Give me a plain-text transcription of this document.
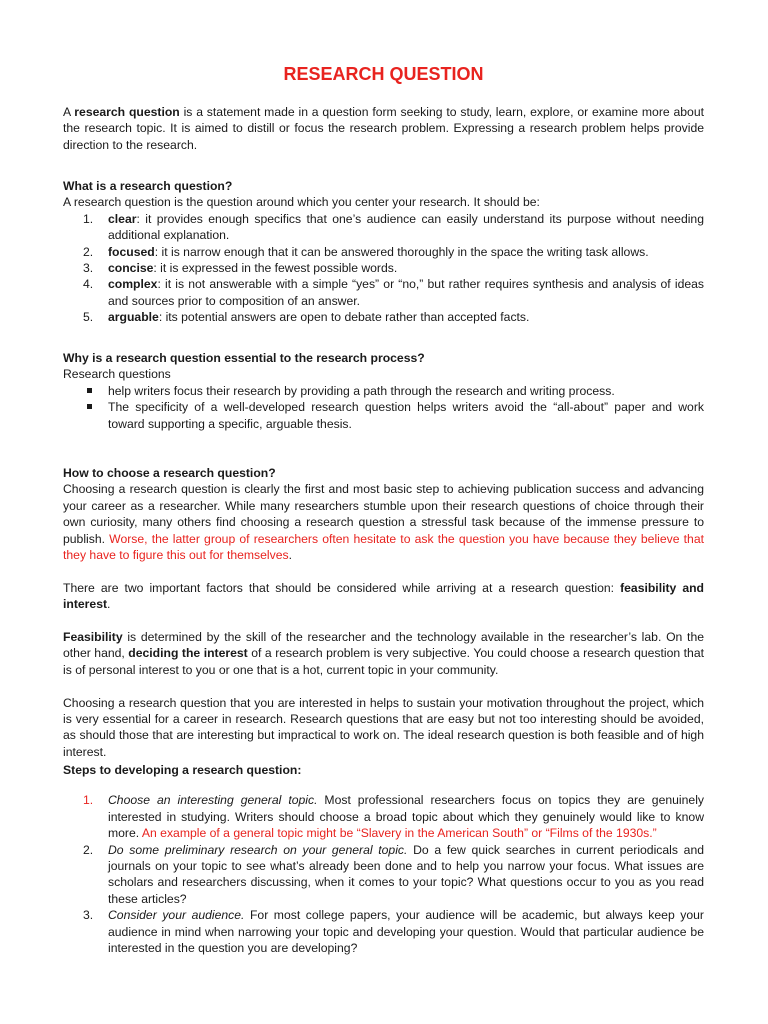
RESEARCH QUESTION
A research question is a statement made in a question form seeking to study, learn, explore, or examine more about the research topic. It is aimed to distill or focus the research problem. Expressing a research problem helps provide direction to the research.
What is a research question?
A research question is the question around which you center your research. It should be:
1. clear: it provides enough specifics that one’s audience can easily understand its purpose without needing additional explanation.
2. focused: it is narrow enough that it can be answered thoroughly in the space the writing task allows.
3. concise: it is expressed in the fewest possible words.
4. complex: it is not answerable with a simple “yes” or “no,” but rather requires synthesis and analysis of ideas and sources prior to composition of an answer.
5. arguable: its potential answers are open to debate rather than accepted facts.
Why is a research question essential to the research process?
Research questions
help writers focus their research by providing a path through the research and writing process.
The specificity of a well-developed research question helps writers avoid the “all-about” paper and work toward supporting a specific, arguable thesis.
How to choose a research question?
Choosing a research question is clearly the first and most basic step to achieving publication success and advancing your career as a researcher. While many researchers stumble upon their research questions of choice through their own curiosity, many others find choosing a research question a stressful task because of the immense pressure to publish. Worse, the latter group of researchers often hesitate to ask the question you have because they believe that they have to figure this out for themselves.
There are two important factors that should be considered while arriving at a research question: feasibility and interest.
Feasibility is determined by the skill of the researcher and the technology available in the researcher’s lab. On the other hand, deciding the interest of a research problem is very subjective. You could choose a research question that is of personal interest to you or one that is a hot, current topic in your community.
Choosing a research question that you are interested in helps to sustain your motivation throughout the project, which is very essential for a career in research. Research questions that are easy but not too interesting should be avoided, as should those that are interesting but impractical to work on. The ideal research question is both feasible and of high interest.
Steps to developing a research question:
1. Choose an interesting general topic. Most professional researchers focus on topics they are genuinely interested in studying. Writers should choose a broad topic about which they genuinely would like to know more. An example of a general topic might be “Slavery in the American South” or “Films of the 1930s.”
2. Do some preliminary research on your general topic. Do a few quick searches in current periodicals and journals on your topic to see what’s already been done and to help you narrow your focus. What issues are scholars and researchers discussing, when it comes to your topic? What questions occur to you as you read these articles?
3. Consider your audience. For most college papers, your audience will be academic, but always keep your audience in mind when narrowing your topic and developing your question. Would that particular audience be interested in the question you are developing?
